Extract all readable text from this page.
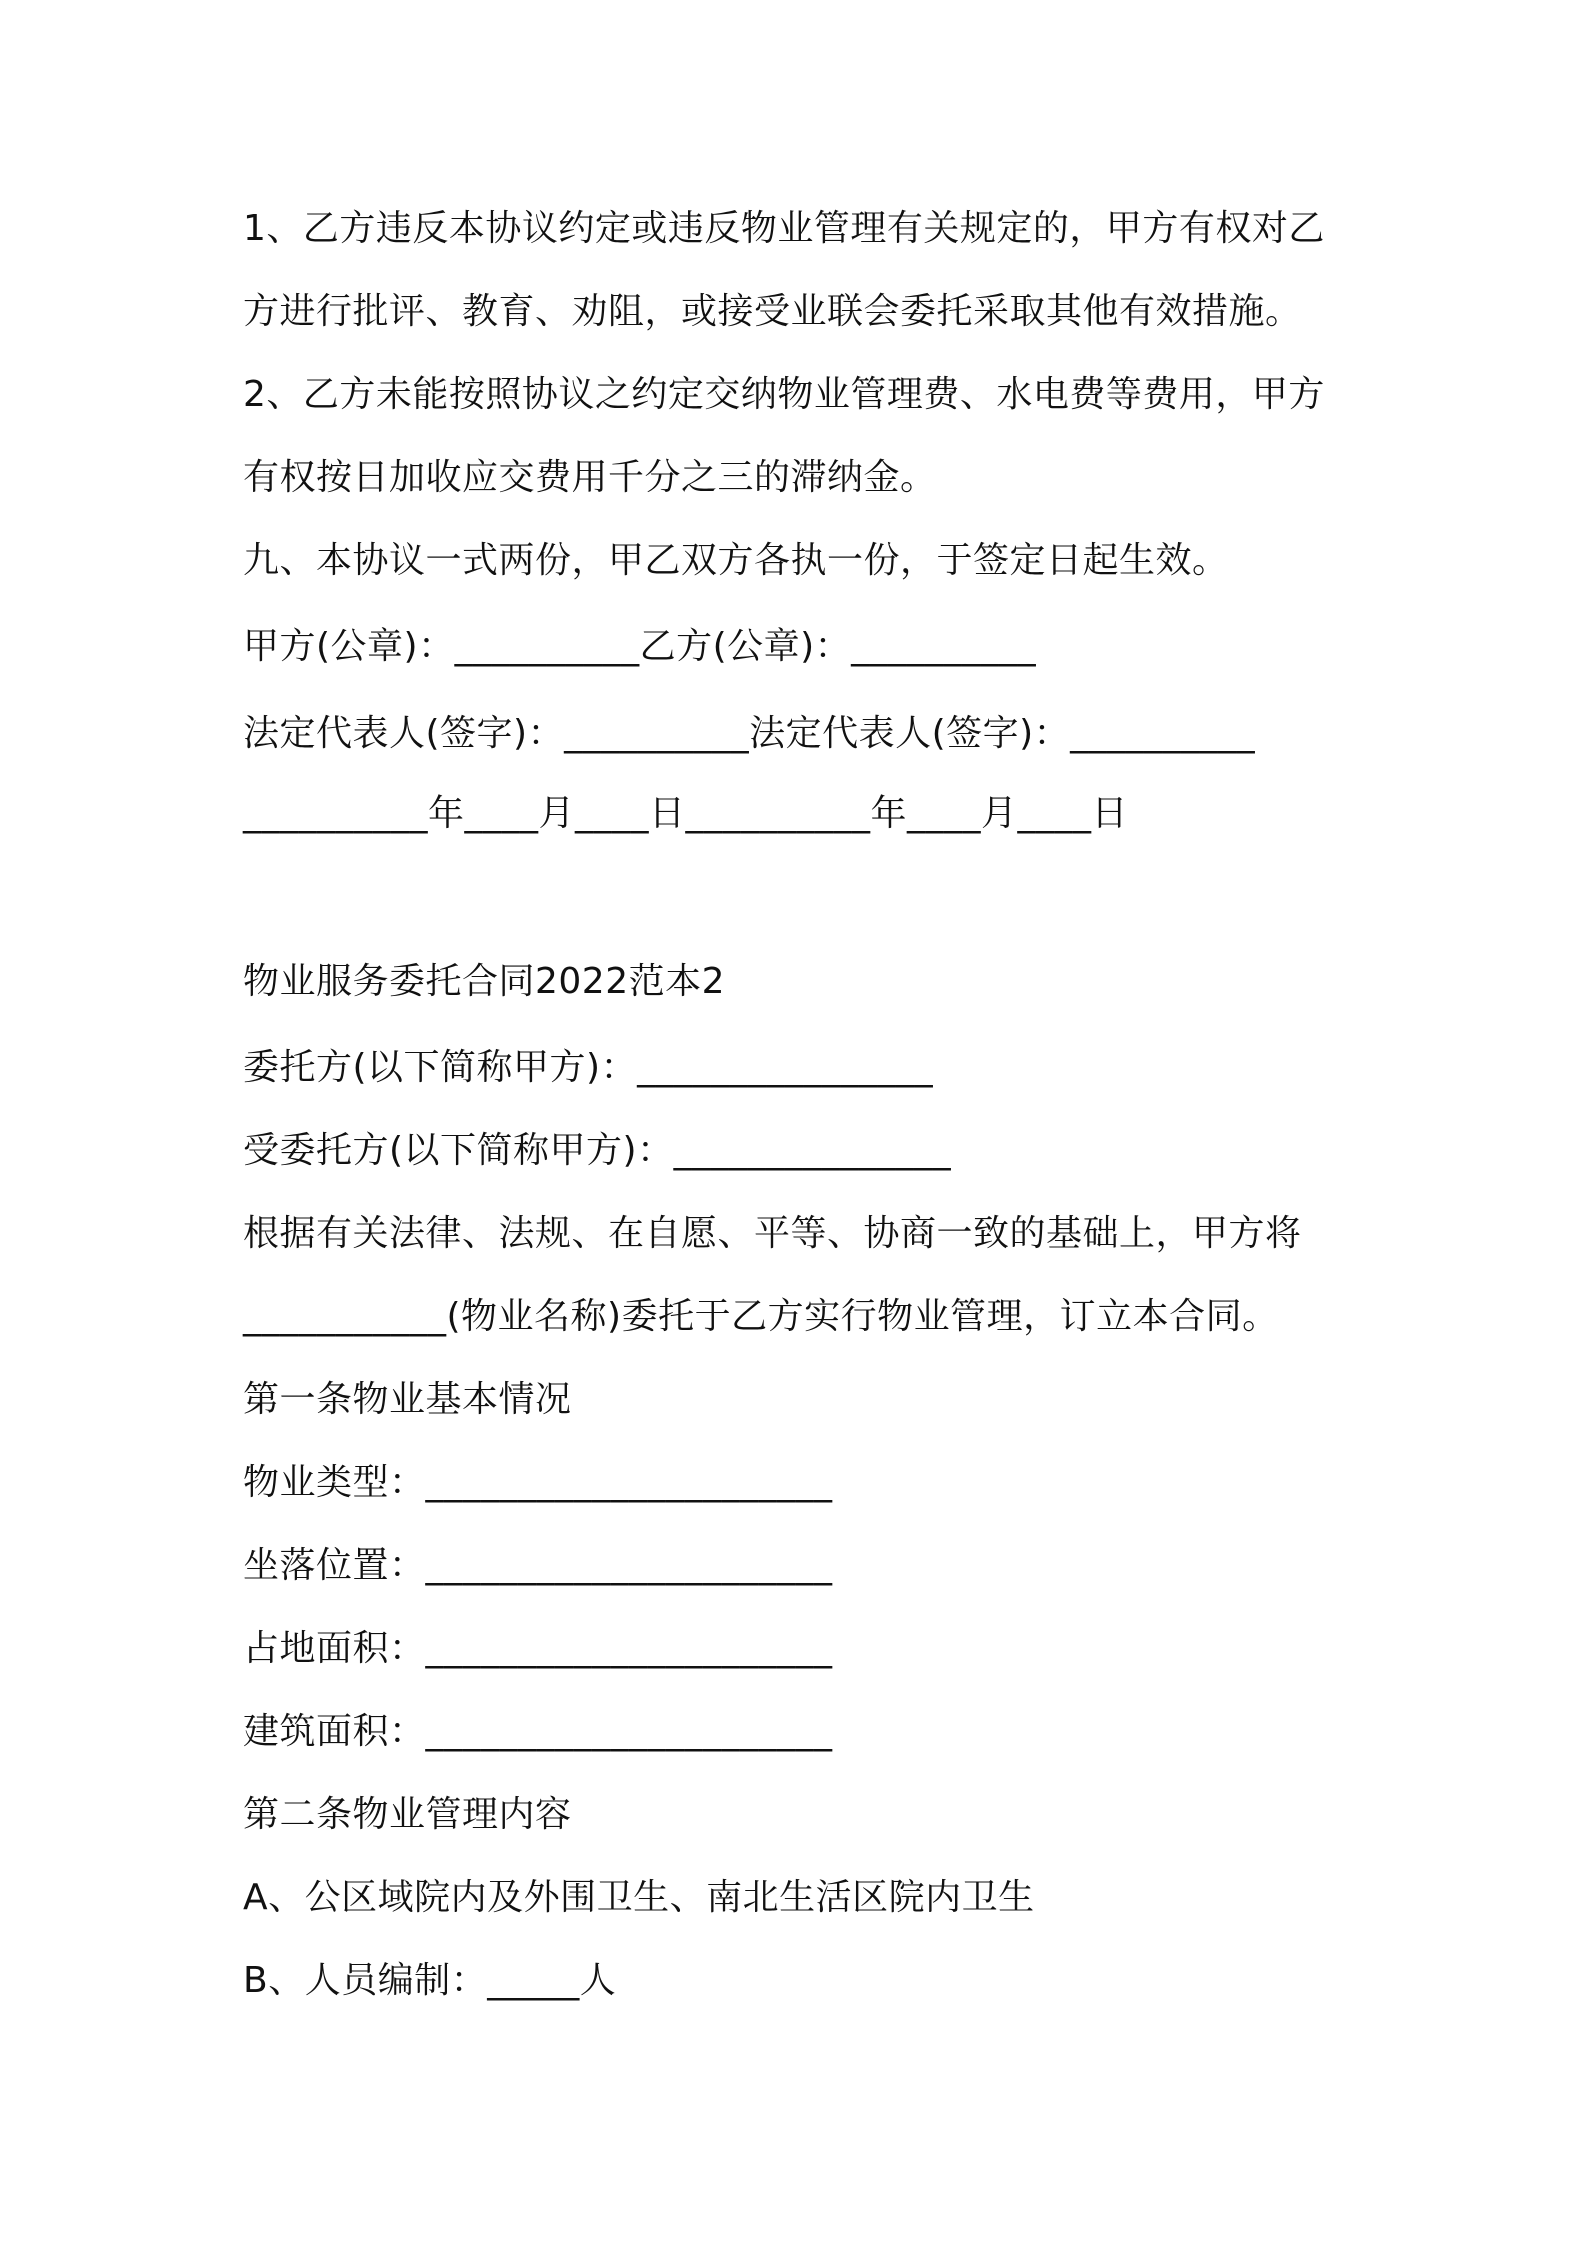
1、乙方违反本协议约定或违反物业管理有关规定的，甲方有权对乙
方进行批评、教育、劝阻，或接受业联会委托采取其他有效措施。
2、乙方未能按照协议之约定交纳物业管理费、水电费等费用，甲方
有权按日加收应交费用千分之三的滞纳金。
九、本协议一式两份，甲乙双方各执一份，于签定日起生效。
甲方(公章)：__________乙方(公章)：__________
法定代表人(签字)：__________法定代表人(签字)：__________
__________年____月____日__________年____月____日
物业服务委托合同2022范本2
委托方(以下简称甲方)：________________
受委托方(以下简称甲方)：_______________
根据有关法律、法规、在自愿、平等、协商一致的基础上，甲方将
___________(物业名称)委托于乙方实行物业管理，订立本合同。
第一条物业基本情况
物业类型：______________________
坐落位置：______________________
占地面积：______________________
建筑面积：______________________
第二条物业管理内容
A、公区域院内及外围卫生、南北生活区院内卫生
B、人员编制：_____人
